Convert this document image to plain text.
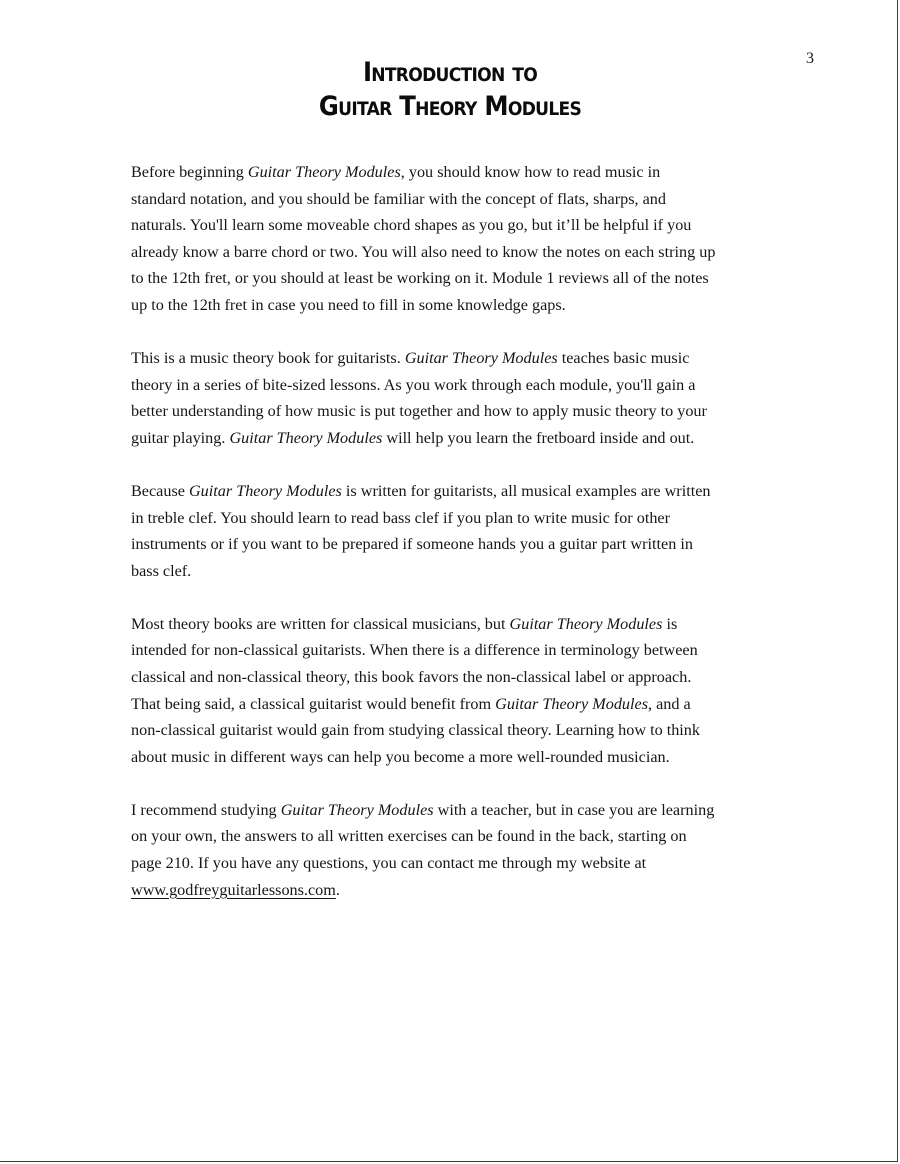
3
Introduction to
Guitar Theory Modules

Before beginning Guitar Theory Modules, you should know how to read music in
standard notation, and you should be familiar with the concept of flats, sharps, and
naturals. You'll learn some moveable chord shapes as you go, but it’ll be helpful if you
already know a barre chord or two. You will also need to know the notes on each string up
to the 12th fret, or you should at least be working on it. Module 1 reviews all of the notes
up to the 12th fret in case you need to fill in some knowledge gaps.

This is a music theory book for guitarists. Guitar Theory Modules teaches basic music
theory in a series of bite-sized lessons. As you work through each module, you'll gain a
better understanding of how music is put together and how to apply music theory to your
guitar playing. Guitar Theory Modules will help you learn the fretboard inside and out.

Because Guitar Theory Modules is written for guitarists, all musical examples are written
in treble clef. You should learn to read bass clef if you plan to write music for other
instruments or if you want to be prepared if someone hands you a guitar part written in
bass clef.

Most theory books are written for classical musicians, but Guitar Theory Modules is
intended for non-classical guitarists. When there is a difference in terminology between
classical and non-classical theory, this book favors the non-classical label or approach.
That being said, a classical guitarist would benefit from Guitar Theory Modules, and a
non-classical guitarist would gain from studying classical theory. Learning how to think
about music in different ways can help you become a more well-rounded musician.

I recommend studying Guitar Theory Modules with a teacher, but in case you are learning
on your own, the answers to all written exercises can be found in the back, starting on
page 210. If you have any questions, you can contact me through my website at
www.godfreyguitarlessons.com.
